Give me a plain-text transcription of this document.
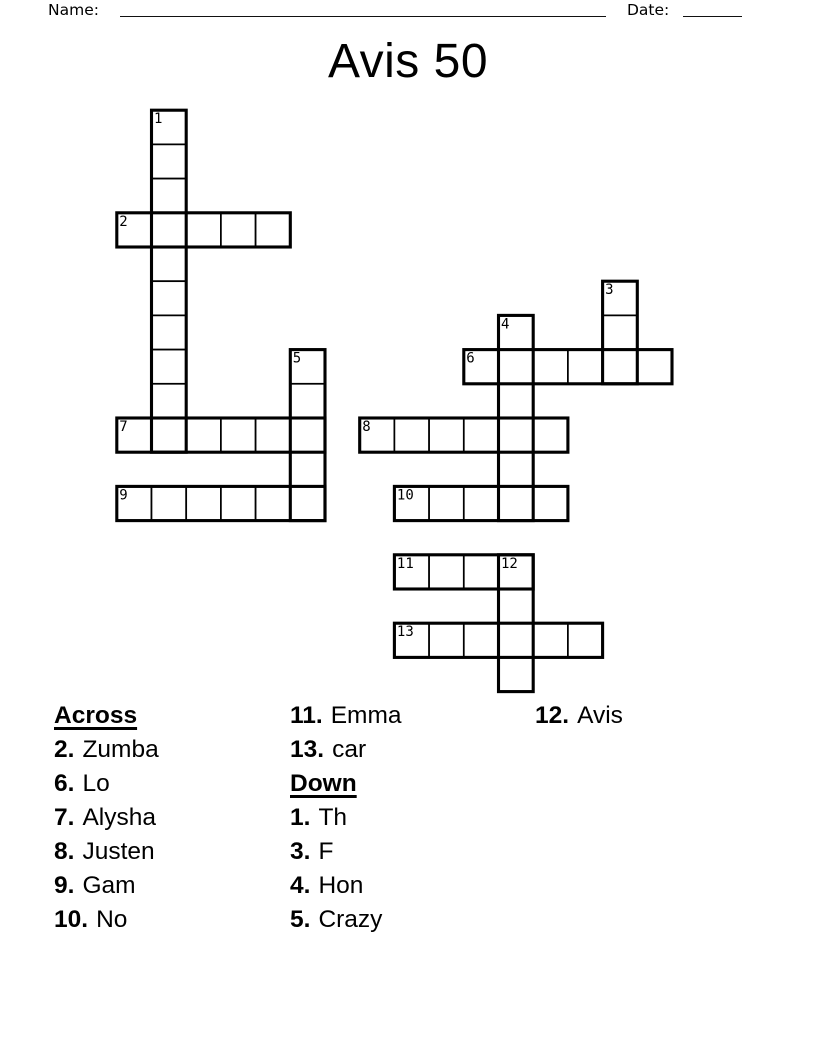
Name:	Date:
Avis 50
1
2
3
4
5	6
7	8
9	10
11	12
13
Across
2. Zumba
6. Lo
7. Alysha
8. Justen
9. Gam
10. No
11. Emma
13. car
Down
1. Th
3. F
4. Hon
5. Crazy
12. Avis
